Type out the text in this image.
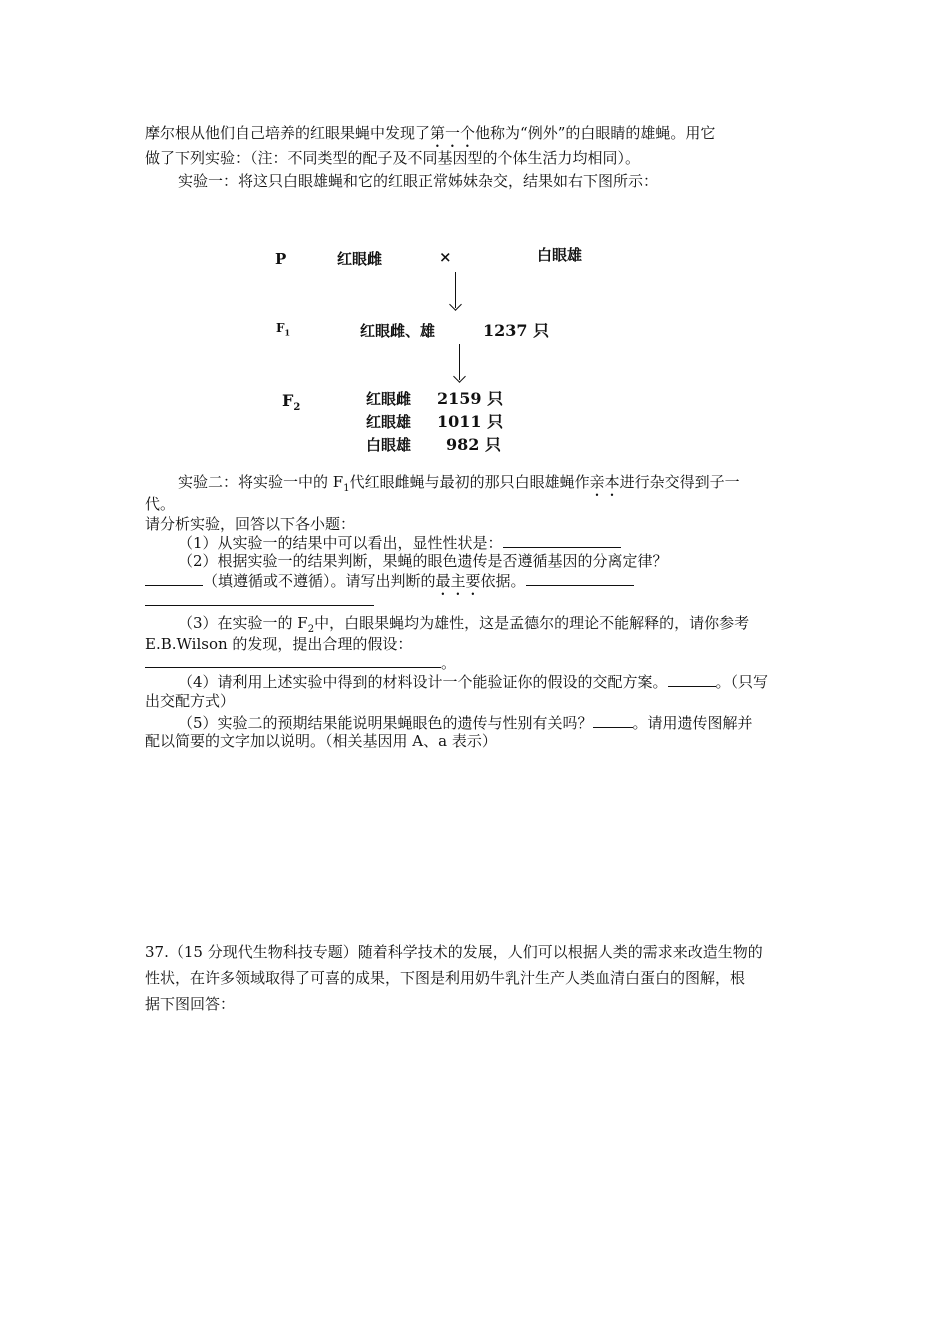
摩尔根从他们自己培养的红眼果蝇中发现了第一个他称为“例外”的白眼睛的雄蝇。用它
做了下列实验：（注：不同类型的配子及不同基因型的个体生活力均相同）。
实验一：将这只白眼雄蝇和它的红眼正常姊妹杂交，结果如右下图所示：
P	红眼雌	×	白眼雄
$F_1$	红眼雌、雄	1237 只
$F_2$	红眼雌 2159 只
红眼雄 1011 只
白眼雄 982 只
实验二：将实验一中的 $F_1$代红眼雌蝇与最初的那只白眼雄蝇作亲本进行杂交得到子一
代。
请分析实验，回答以下各小题：
（1）从实验一的结果中可以看出，显性性状是：
（2）根据实验一的结果判断，果蝇的眼色遗传是否遵循基因的分离定律？
（填遵循或不遵循）。请写出判断的最主要依据。
（3）在实验一的 $F_2$中，白眼果蝇均为雄性，这是孟德尔的理论不能解释的，请你参考
E.B.Wilson 的发现，提出合理的假设：
。
（4）请利用上述实验中得到的材料设计一个能验证你的假设的交配方案。	。（只写
出交配方式）
（5）实验二的预期结果能说明果蝇眼色的遗传与性别有关吗？	。请用遗传图解并
配以简要的文字加以说明。（相关基因用 A、a 表示）
37.（15 分现代生物科技专题）随着科学技术的发展，人们可以根据人类的需求来改造生物的
性状，在许多领域取得了可喜的成果，下图是利用奶牛乳汁生产人类血清白蛋白的图解，根
据下图回答：
